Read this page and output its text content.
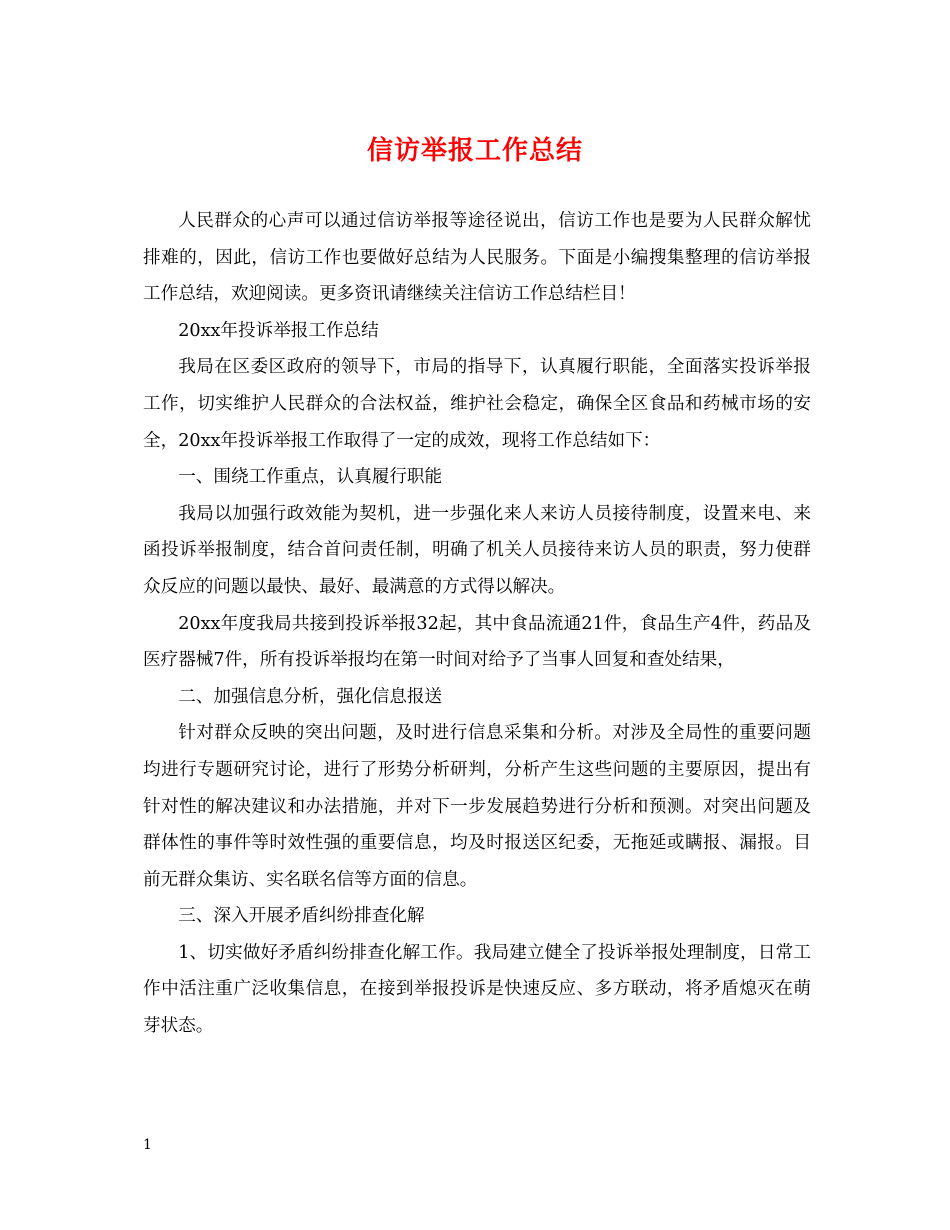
信访举报工作总结

人民群众的心声可以通过信访举报等途径说出，信访工作也是要为人民群众解忧排难的，因此，信访工作也要做好总结为人民服务。下面是小编搜集整理的信访举报工作总结，欢迎阅读。更多资讯请继续关注信访工作总结栏目！

20xx年投诉举报工作总结

我局在区委区政府的领导下，市局的指导下，认真履行职能，全面落实投诉举报工作，切实维护人民群众的合法权益，维护社会稳定，确保全区食品和药械市场的安全，20xx年投诉举报工作取得了一定的成效，现将工作总结如下：

一、围绕工作重点，认真履行职能

我局以加强行政效能为契机，进一步强化来人来访人员接待制度，设置来电、来函投诉举报制度，结合首问责任制，明确了机关人员接待来访人员的职责，努力使群众反应的问题以最快、最好、最满意的方式得以解决。

20xx年度我局共接到投诉举报32起，其中食品流通21件，食品生产4件，药品及医疗器械7件，所有投诉举报均在第一时间对给予了当事人回复和查处结果，

二、加强信息分析，强化信息报送

针对群众反映的突出问题，及时进行信息采集和分析。对涉及全局性的重要问题均进行专题研究讨论，进行了形势分析研判，分析产生这些问题的主要原因，提出有针对性的解决建议和办法措施，并对下一步发展趋势进行分析和预测。对突出问题及群体性的事件等时效性强的重要信息，均及时报送区纪委，无拖延或瞒报、漏报。目前无群众集访、实名联名信等方面的信息。

三、深入开展矛盾纠纷排查化解

1、切实做好矛盾纠纷排查化解工作。我局建立健全了投诉举报处理制度，日常工作中活注重广泛收集信息，在接到举报投诉是快速反应、多方联动，将矛盾熄灭在萌芽状态。

1
